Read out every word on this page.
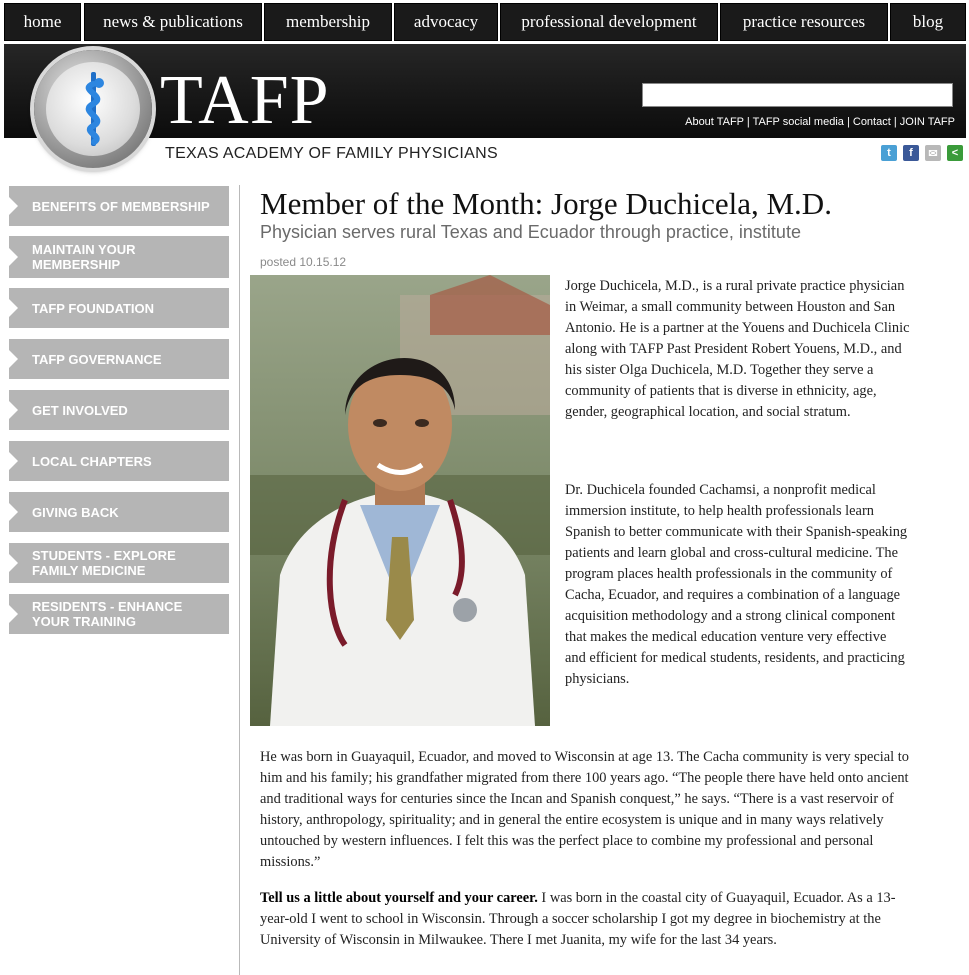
home	news & publications	membership	advocacy	professional development	practice resources	blog
TAFP
TEXAS ACADEMY OF FAMILY PHYSICIANS
About TAFP | TAFP social media | Contact | JOIN TAFP
t	f	✉	<
BENEFITS OF MEMBERSHIP
MAINTAIN YOUR MEMBERSHIP
TAFP FOUNDATION
TAFP GOVERNANCE
GET INVOLVED
LOCAL CHAPTERS
GIVING BACK
STUDENTS - EXPLORE FAMILY MEDICINE
RESIDENTS - ENHANCE YOUR TRAINING
Member of the Month: Jorge Duchicela, M.D.
Physician serves rural Texas and Ecuador through practice, institute
posted 10.15.12

Jorge Duchicela, M.D., is a rural private practice physician in Weimar, a small community between Houston and San Antonio. He is a partner at the Youens and Duchicela Clinic along with TAFP Past President Robert Youens, M.D., and his sister Olga Duchicela, M.D. Together they serve a community of patients that is diverse in ethnicity, age, gender, geographical location, and social stratum.

Dr. Duchicela founded Cachamsi, a nonprofit medical immersion institute, to help health professionals learn Spanish to better communicate with their Spanish-speaking patients and learn global and cross-cultural medicine. The program places health professionals in the community of Cacha, Ecuador, and requires a combination of a language acquisition methodology and a strong clinical component that makes the medical education venture very effective and efficient for medical students, residents, and practicing physicians.

He was born in Guayaquil, Ecuador, and moved to Wisconsin at age 13. The Cacha community is very special to him and his family; his grandfather migrated from there 100 years ago. “The people there have held onto ancient and traditional ways for centuries since the Incan and Spanish conquest,” he says. “There is a vast reservoir of history, anthropology, spirituality; and in general the entire ecosystem is unique and in many ways relatively untouched by western influences. I felt this was the perfect place to combine my professional and personal missions.”

Tell us a little about yourself and your career. I was born in the coastal city of Guayaquil, Ecuador. As a 13-year-old I went to school in Wisconsin. Through a soccer scholarship I got my degree in biochemistry at the University of Wisconsin in Milwaukee. There I met Juanita, my wife for the last 34 years.
